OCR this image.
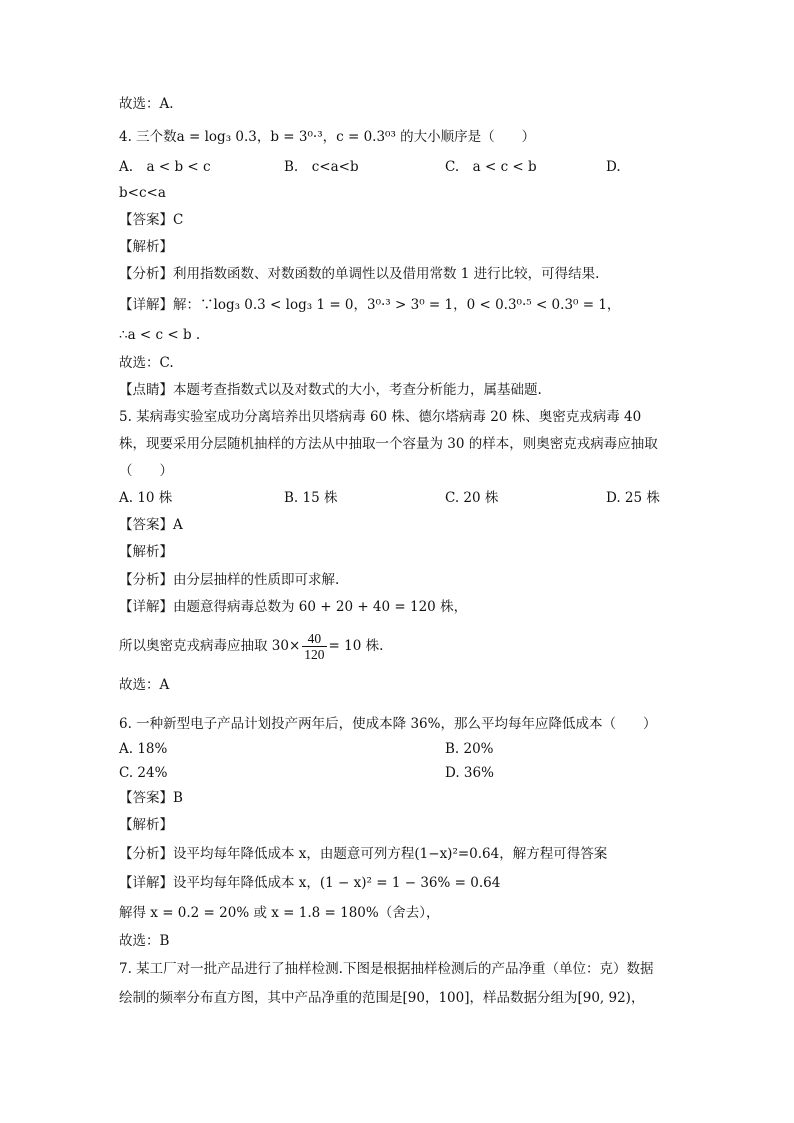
故选：A.
4. 三个数a = log₃ 0.3，b = 3⁰·³，c = 0.3⁰³ 的大小顺序是（　　）
A.　a < b < c	B.　c<a<b	C.　a < c < b	D.
b<c<a
【答案】C
【解析】
【分析】利用指数函数、对数函数的单调性以及借用常数 1 进行比较，可得结果.
【详解】解：∵log₃ 0.3 < log₃ 1 = 0，3⁰·³ > 3⁰ = 1，0 < 0.3⁰·⁵ < 0.3⁰ = 1，
∴a < c < b .
故选：C.
【点睛】本题考查指数式以及对数式的大小，考查分析能力，属基础题.
5. 某病毒实验室成功分离培养出贝塔病毒 60 株、德尔塔病毒 20 株、奥密克戎病毒 40
株，现要采用分层随机抽样的方法从中抽取一个容量为 30 的样本，则奥密克戎病毒应抽取
（　　）
A. 10 株	B. 15 株	C. 20 株	D. 25 株
【答案】A
【解析】
【分析】由分层抽样的性质即可求解.
【详解】由题意得病毒总数为 60 + 20 + 40 = 120 株，
所以奥密克戎病毒应抽取 $30\times \frac{40}{120} = 10$ 株.
故选：A
6. 一种新型电子产品计划投产两年后，使成本降 36%，那么平均每年应降低成本（　　）
A. 18%	B. 20%
C. 24%	D. 36%
【答案】B
【解析】
【分析】设平均每年降低成本 x，由题意可列方程(1−x)²=0.64，解方程可得答案
【详解】设平均每年降低成本 x，(1 − x)² = 1 − 36% = 0.64
解得 x = 0.2 = 20% 或 x = 1.8 = 180%（舍去），
故选：B
7. 某工厂对一批产品进行了抽样检测.下图是根据抽样检测后的产品净重（单位：克）数据
绘制的频率分布直方图，其中产品净重的范围是[90，100]，样品数据分组为[90, 92)，
